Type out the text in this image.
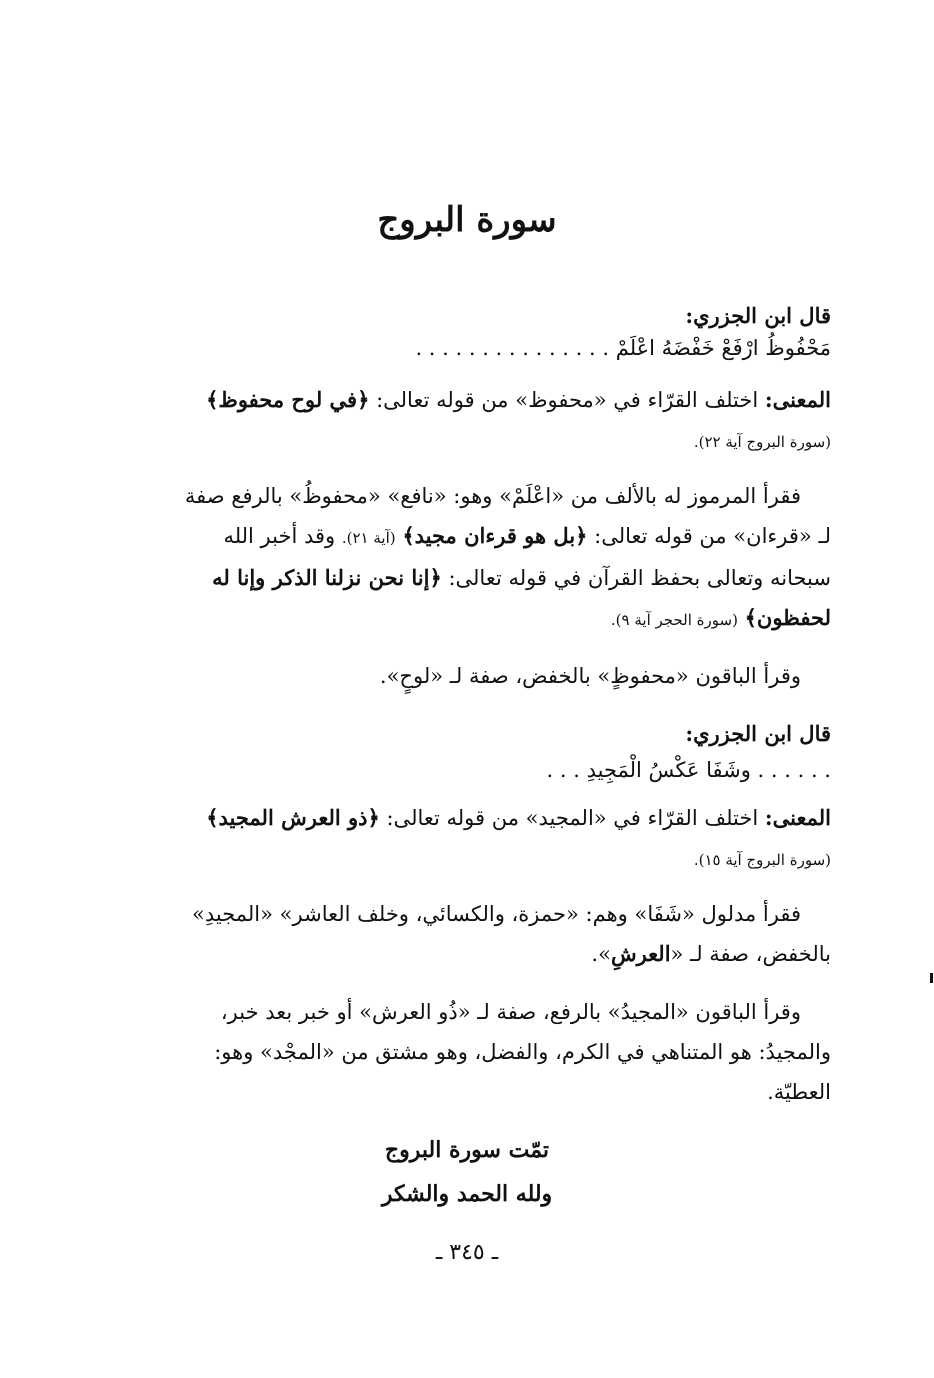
سورة البروج
قال ابن الجزري:
مَحْفُوظُ ارْفَعْ خَفْضَهُ اعْلَمْ . . . . . . . . . . . . . . .
المعنى: اختلف القرّاء في «محفوظ» من قوله تعالى: ﴿في لوح محفوظ﴾
(سورة البروج آية ٢٢).
فقرأ المرموز له بالألف من «اعْلَمْ» وهو: «نافع» «محفوظُ» بالرفع صفة
لـ «قرءان» من قوله تعالى: ﴿بل هو قرءان مجيد﴾ (آية ٢١). وقد أخبر الله
سبحانه وتعالى بحفظ القرآن في قوله تعالى: ﴿إنا نحن نزلنا الذكر وإنا له
لحفظون﴾ (سورة الحجر آية ٩).
وقرأ الباقون «محفوظٍ» بالخفض، صفة لـ «لوحٍ».
قال ابن الجزري:
. . . . . . وشَفَا عَكْسُ الْمَجِيدِ . . .
المعنى: اختلف القرّاء في «المجيد» من قوله تعالى: ﴿ذو العرش المجيد﴾
(سورة البروج آية ١٥).
فقرأ مدلول «شَفَا» وهم: «حمزة، والكسائي، وخلف العاشر» «المجيدِ»
بالخفض، صفة لـ «العرشِ».
وقرأ الباقون «المجيدُ» بالرفع، صفة لـ «ذُو العرش» أو خبر بعد خبر،
والمجيدُ: هو المتناهي في الكرم، والفضل، وهو مشتق من «المجْد» وهو:
العطيّة.
تمّت سورة البروج
ولله الحمد والشكر
ـ ٣٤٥ ـ
